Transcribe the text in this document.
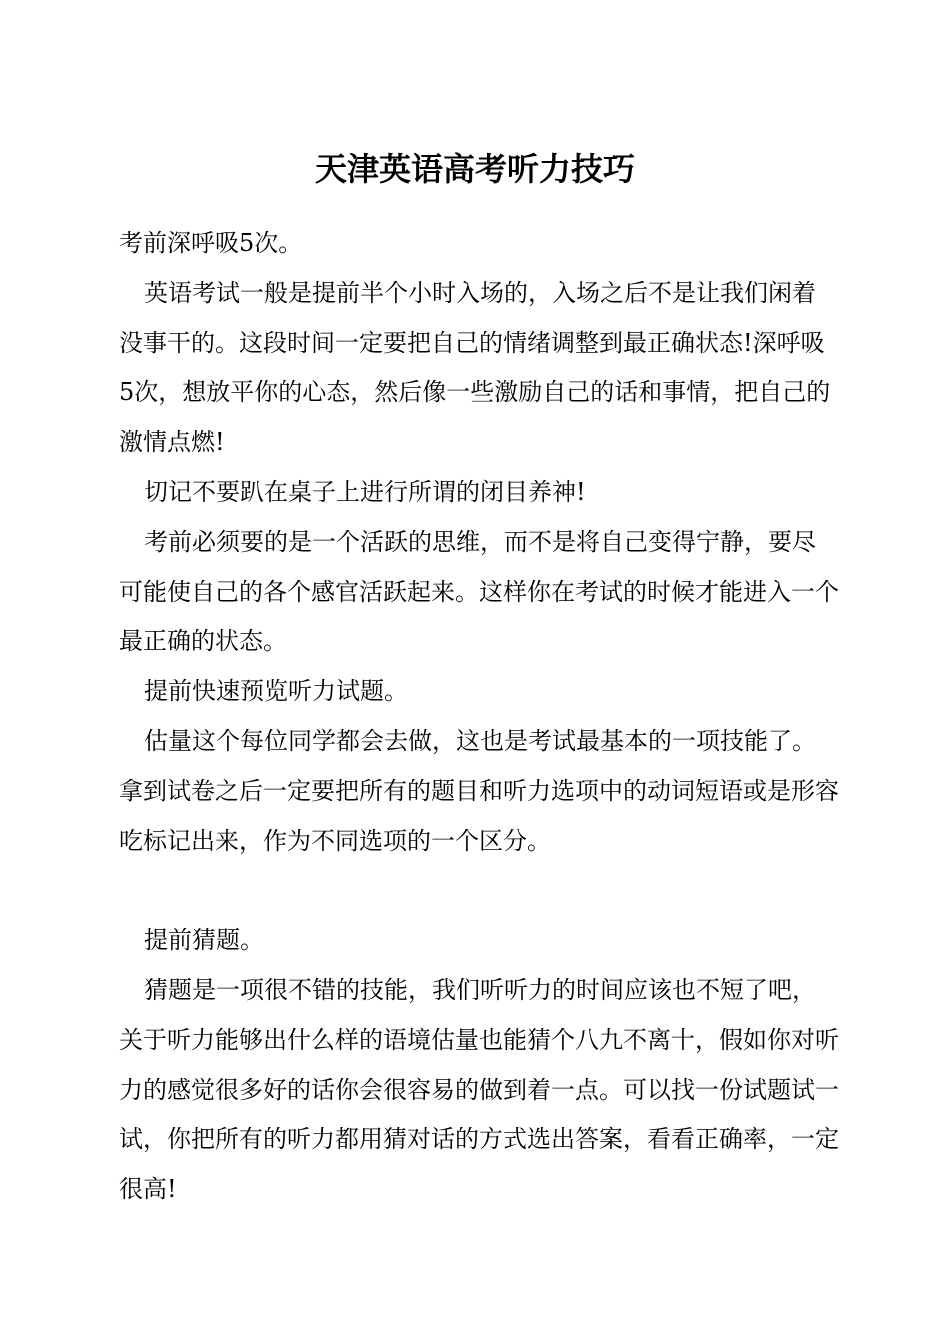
天津英语高考听力技巧

考前深呼吸5次。

英语考试一般是提前半个小时入场的，入场之后不是让我们闲着没事干的。这段时间一定要把自己的情绪调整到最正确状态!深呼吸5次，想放平你的心态，然后像一些激励自己的话和事情，把自己的激情点燃!

切记不要趴在桌子上进行所谓的闭目养神!

考前必须要的是一个活跃的思维，而不是将自己变得宁静，要尽可能使自己的各个感官活跃起来。这样你在考试的时候才能进入一个最正确的状态。

提前快速预览听力试题。

估量这个每位同学都会去做，这也是考试最基本的一项技能了。拿到试卷之后一定要把所有的题目和听力选项中的动词短语或是形容吃标记出来，作为不同选项的一个区分。

提前猜题。

猜题是一项很不错的技能，我们听听力的时间应该也不短了吧，关于听力能够出什么样的语境估量也能猜个八九不离十，假如你对听力的感觉很多好的话你会很容易的做到着一点。可以找一份试题试一试，你把所有的听力都用猜对话的方式选出答案，看看正确率，一定很高!
